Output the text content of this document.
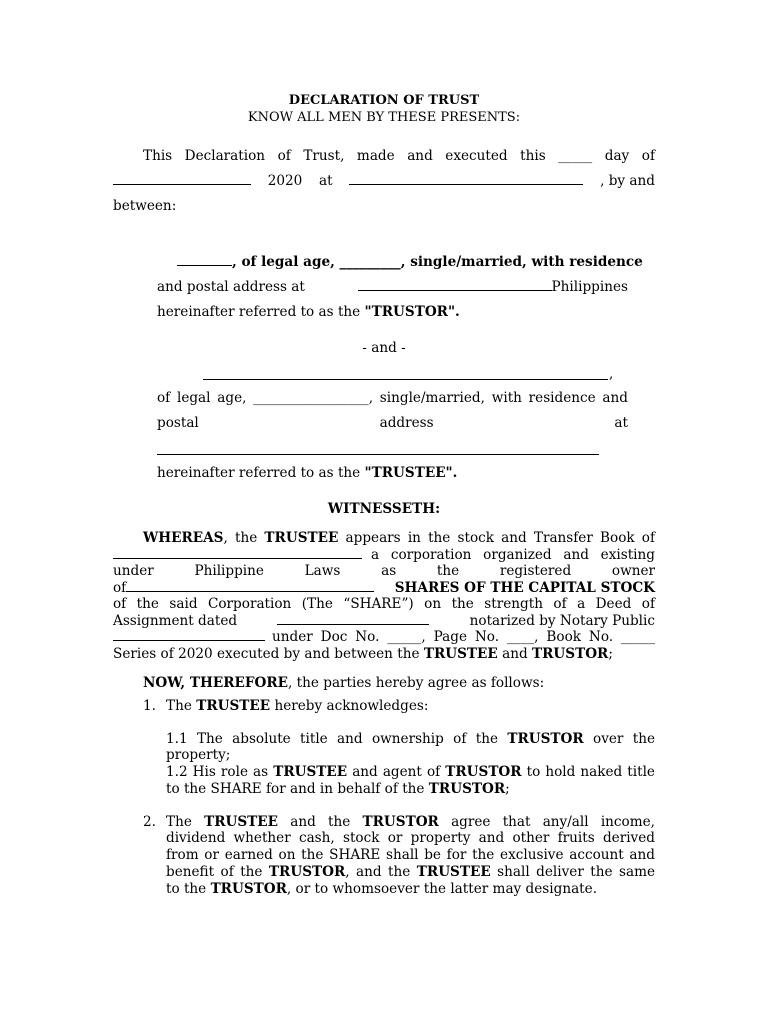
DECLARATION OF TRUST
KNOW ALL MEN BY THESE PRESENTS:
This Declaration of Trust, made and executed this _____ day of
2020 at	, by and
between:
, of legal age, _________, single/married, with residence
and postal address at	Philippines
hereinafter referred to as the "TRUSTOR".
- and -
,
of legal age, _________________, single/married, with residence and
postal	address	at
hereinafter referred to as the "TRUSTEE".
WITNESSETH:
WHEREAS, the TRUSTEE appears in the stock and Transfer Book of
a corporation organized and existing
under Philippine Laws as the registered owner
of	SHARES OF THE CAPITAL STOCK
of the said Corporation (The “SHARE”) on the strength of a Deed of
Assignment dated	notarized by Notary Public
under Doc No. _____, Page No. ____, Book No. _____
Series of 2020 executed by and between the TRUSTEE and TRUSTOR;
NOW, THEREFORE, the parties hereby agree as follows:
1. The TRUSTEE hereby acknowledges:
1.1 The absolute title and ownership of the TRUSTOR over the
property;
1.2 His role as TRUSTEE and agent of TRUSTOR to hold naked title
to the SHARE for and in behalf of the TRUSTOR;
2. The TRUSTEE and the TRUSTOR agree that any/all income,
dividend whether cash, stock or property and other fruits derived
from or earned on the SHARE shall be for the exclusive account and
benefit of the TRUSTOR, and the TRUSTEE shall deliver the same
to the TRUSTOR, or to whomsoever the latter may designate.
